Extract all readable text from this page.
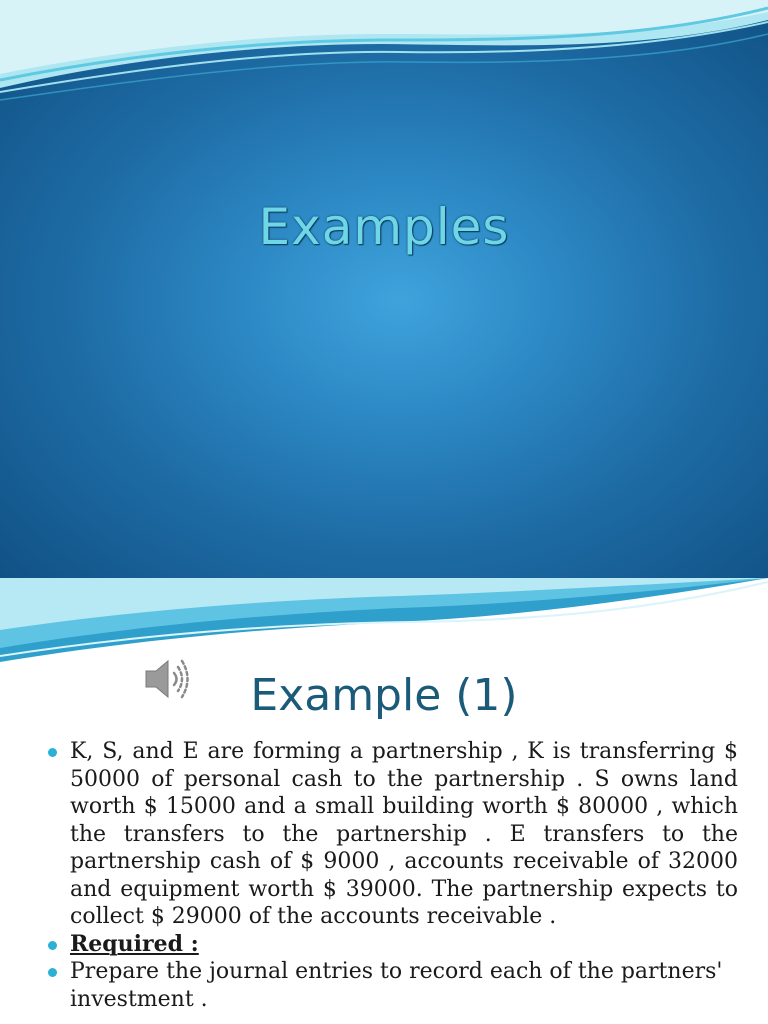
Examples
Example (1)
K, S, and E are forming a partnership , K is transferring $ 50000 of personal cash to the partnership . S owns land worth $ 15000 and a small building worth $ 80000 , which the transfers to the partnership . E transfers to the partnership cash of $ 9000 , accounts receivable of 32000 and equipment worth $ 39000. The partnership expects to collect $ 29000 of the accounts receivable .
Required :
Prepare the journal entries to record each of the partners' investment .
